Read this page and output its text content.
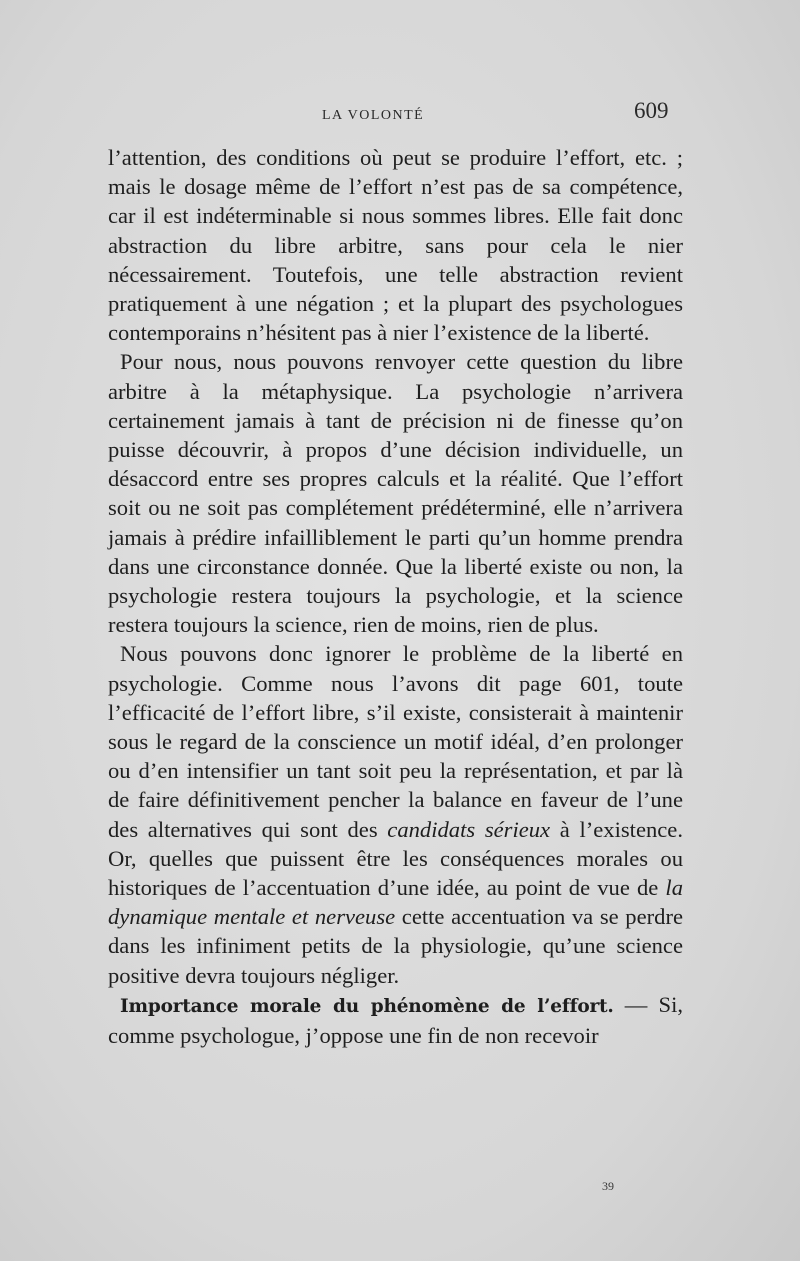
LA VOLONTÉ	609

l’attention, des conditions où peut se produire l’effort, etc. ; mais le dosage même de l’effort n’est pas de sa compétence, car il est indéterminable si nous sommes libres. Elle fait donc abstraction du libre arbitre, sans pour cela le nier nécessairement. Toutefois, une telle abstraction revient pratiquement à une négation ; et la plupart des psychologues contemporains n’hésitent pas à nier l’existence de la liberté.

Pour nous, nous pouvons renvoyer cette question du libre arbitre à la métaphysique. La psychologie n’arrivera certainement jamais à tant de précision ni de finesse qu’on puisse découvrir, à propos d’une décision individuelle, un désaccord entre ses propres calculs et la réalité. Que l’effort soit ou ne soit pas complétement prédéterminé, elle n’arrivera jamais à prédire infailliblement le parti qu’un homme prendra dans une circonstance donnée. Que la liberté existe ou non, la psychologie restera toujours la psychologie, et la science restera toujours la science, rien de moins, rien de plus.

Nous pouvons donc ignorer le problème de la liberté en psychologie. Comme nous l’avons dit page 601, toute l’efficacité de l’effort libre, s’il existe, consisterait à maintenir sous le regard de la conscience un motif idéal, d’en prolonger ou d’en intensifier un tant soit peu la représentation, et par là de faire définitivement pencher la balance en faveur de l’une des alternatives qui sont des candidats sérieux à l’existence. Or, quelles que puissent être les conséquences morales ou historiques de l’accentuation d’une idée, au point de vue de la dynamique mentale et nerveuse cette accentuation va se perdre dans les infiniment petits de la physiologie, qu’une science positive devra toujours négliger.

Importance morale du phénomène de l’effort. — Si, comme psychologue, j’oppose une fin de non recevoir

39
